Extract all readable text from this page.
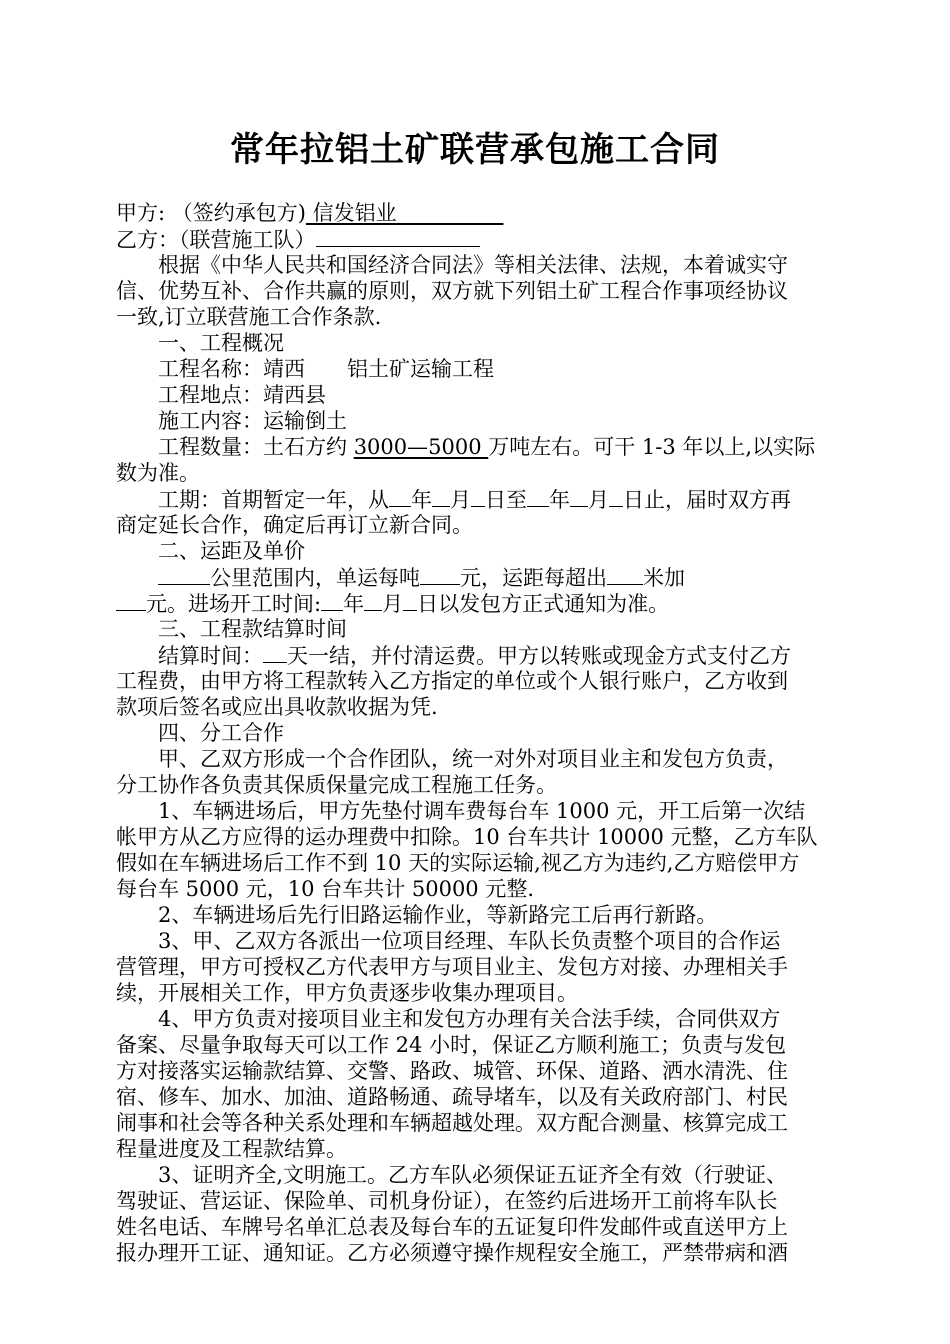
常年拉铝土矿联营承包施工合同
甲方: （签约承包方) 信发铝业
乙方：（联营施工队）
根据《中华人民共和国经济合同法》等相关法律、法规，本着诚实守
信、优势互补、合作共赢的原则，双方就下列铝土矿工程合作事项经协议
一致,订立联营施工合作条款.
一、工程概况
工程名称：靖西　　铝土矿运输工程
工程地点：靖西县
施工内容：运输倒土
工程数量：土石方约 3000—5000 万吨左右。可干 1-3 年以上,以实际
数为准。
工期：首期暂定一年，从 年 月 日至 年 月 日止，届时双方再
商定延长合作，确定后再订立新合同。
二、运距及单价
公里范围内，单运每吨 元，运距每超出 米加
元。进场开工时间: 年 月 日以发包方正式通知为准。
三、工程款结算时间
结算时间： 天一结，并付清运费。甲方以转账或现金方式支付乙方
工程费，由甲方将工程款转入乙方指定的单位或个人银行账户，乙方收到
款项后签名或应出具收款收据为凭.
四、分工合作
甲、乙双方形成一个合作团队，统一对外对项目业主和发包方负责，
分工协作各负责其保质保量完成工程施工任务。
1、车辆进场后，甲方先垫付调车费每台车 1000 元，开工后第一次结
帐甲方从乙方应得的运办理费中扣除。10 台车共计 10000 元整，乙方车队
假如在车辆进场后工作不到 10 天的实际运输,视乙方为违约,乙方赔偿甲方
每台车 5000 元，10 台车共计 50000 元整.
2、车辆进场后先行旧路运输作业，等新路完工后再行新路。
3、甲、乙双方各派出一位项目经理、车队长负责整个项目的合作运
营管理，甲方可授权乙方代表甲方与项目业主、发包方对接、办理相关手
续，开展相关工作，甲方负责逐步收集办理项目。
4、甲方负责对接项目业主和发包方办理有关合法手续，合同供双方
备案、尽量争取每天可以工作 24 小时，保证乙方顺利施工；负责与发包
方对接落实运输款结算、交警、路政、城管、环保、道路、洒水清洗、住
宿、修车、加水、加油、道路畅通、疏导堵车，以及有关政府部门、村民
闹事和社会等各种关系处理和车辆超越处理。双方配合测量、核算完成工
程量进度及工程款结算。
3、证明齐全,文明施工。乙方车队必须保证五证齐全有效（行驶证、
驾驶证、营运证、保险单、司机身份证），在签约后进场开工前将车队长
姓名电话、车牌号名单汇总表及每台车的五证复印件发邮件或直送甲方上
报办理开工证、通知证。乙方必须遵守操作规程安全施工，严禁带病和酒
